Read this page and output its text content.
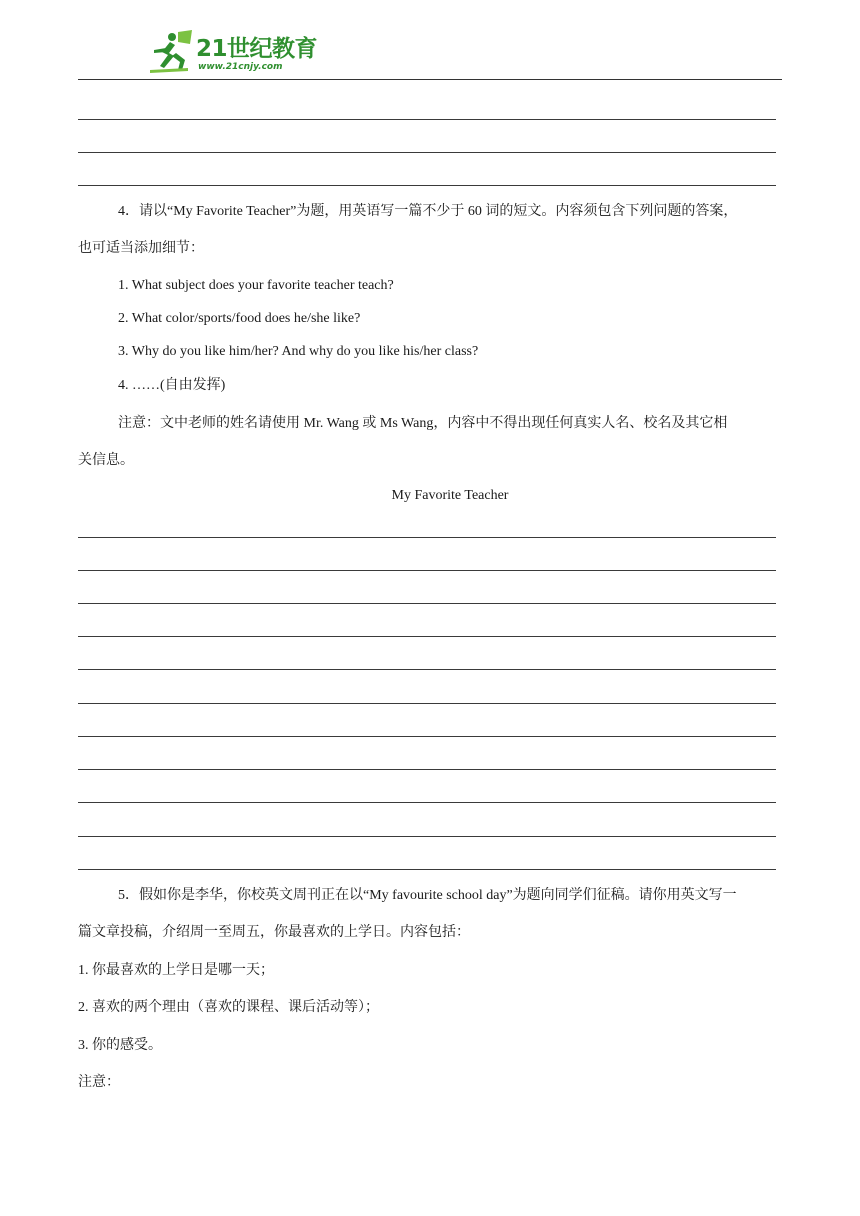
21世纪教育
www.21cnjy.com
4．请以“My Favorite Teacher”为题，用英语写一篇不少于 60 词的短文。内容须包含下列问题的答案，
也可适当添加细节：
1. What subject does your favorite teacher teach?
2. What color/sports/food does he/she like?
3. Why do you like him/her? And why do you like his/her class?
4. ……(自由发挥)
注意：文中老师的姓名请使用 Mr. Wang 或 Ms Wang，内容中不得出现任何真实人名、校名及其它相
关信息。
My Favorite Teacher
5．假如你是李华，你校英文周刊正在以“My favourite school day”为题向同学们征稿。请你用英文写一
篇文章投稿，介绍周一至周五，你最喜欢的上学日。内容包括：
1. 你最喜欢的上学日是哪一天；
2. 喜欢的两个理由（喜欢的课程、课后活动等）；
3. 你的感受。
注意：
